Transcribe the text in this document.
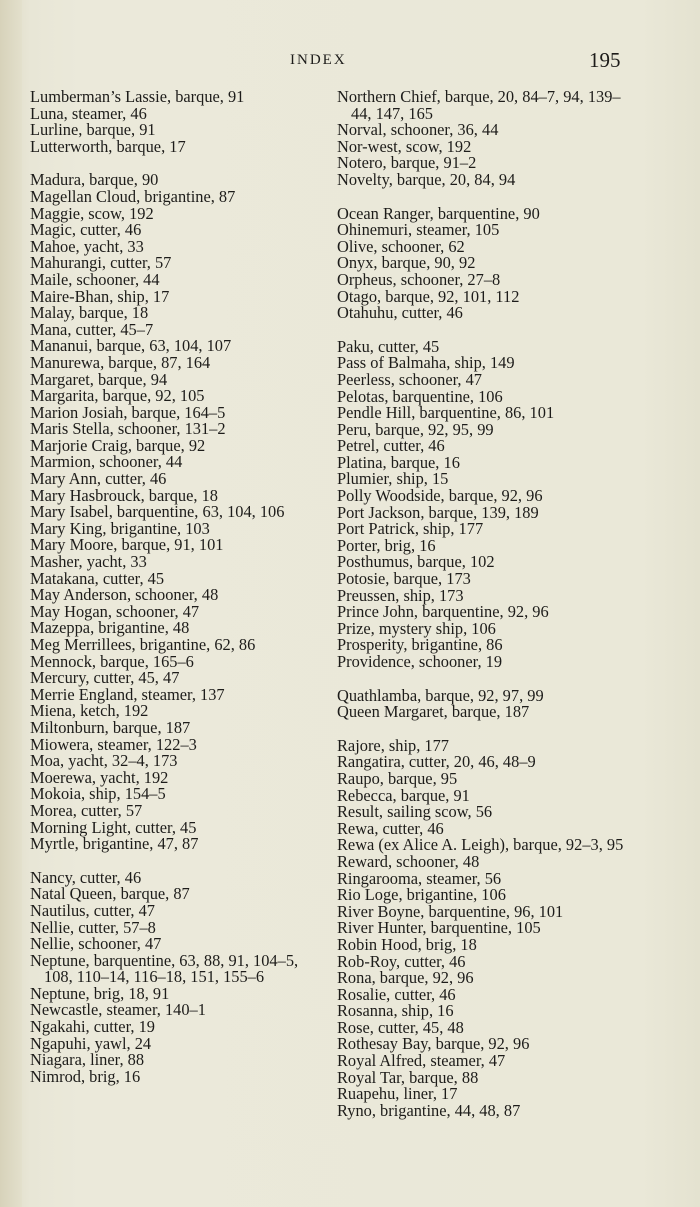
INDEX	195
Lumberman’s Lassie, barque, 91
Luna, steamer, 46
Lurline, barque, 91
Lutterworth, barque, 17
Madura, barque, 90
Magellan Cloud, brigantine, 87
Maggie, scow, 192
Magic, cutter, 46
Mahoe, yacht, 33
Mahurangi, cutter, 57
Maile, schooner, 44
Maire-Bhan, ship, 17
Malay, barque, 18
Mana, cutter, 45–7
Mananui, barque, 63, 104, 107
Manurewa, barque, 87, 164
Margaret, barque, 94
Margarita, barque, 92, 105
Marion Josiah, barque, 164–5
Maris Stella, schooner, 131–2
Marjorie Craig, barque, 92
Marmion, schooner, 44
Mary Ann, cutter, 46
Mary Hasbrouck, barque, 18
Mary Isabel, barquentine, 63, 104, 106
Mary King, brigantine, 103
Mary Moore, barque, 91, 101
Masher, yacht, 33
Matakana, cutter, 45
May Anderson, schooner, 48
May Hogan, schooner, 47
Mazeppa, brigantine, 48
Meg Merrillees, brigantine, 62, 86
Mennock, barque, 165–6
Mercury, cutter, 45, 47
Merrie England, steamer, 137
Miena, ketch, 192
Miltonburn, barque, 187
Miowera, steamer, 122–3
Moa, yacht, 32–4, 173
Moerewa, yacht, 192
Mokoia, ship, 154–5
Morea, cutter, 57
Morning Light, cutter, 45
Myrtle, brigantine, 47, 87
Nancy, cutter, 46
Natal Queen, barque, 87
Nautilus, cutter, 47
Nellie, cutter, 57–8
Nellie, schooner, 47
Neptune, barquentine, 63, 88, 91, 104–5, 108, 110–14, 116–18, 151, 155–6
Neptune, brig, 18, 91
Newcastle, steamer, 140–1
Ngakahi, cutter, 19
Ngapuhi, yawl, 24
Niagara, liner, 88
Nimrod, brig, 16
Northern Chief, barque, 20, 84–7, 94, 139–44, 147, 165
Norval, schooner, 36, 44
Nor-west, scow, 192
Notero, barque, 91–2
Novelty, barque, 20, 84, 94
Ocean Ranger, barquentine, 90
Ohinemuri, steamer, 105
Olive, schooner, 62
Onyx, barque, 90, 92
Orpheus, schooner, 27–8
Otago, barque, 92, 101, 112
Otahuhu, cutter, 46
Paku, cutter, 45
Pass of Balmaha, ship, 149
Peerless, schooner, 47
Pelotas, barquentine, 106
Pendle Hill, barquentine, 86, 101
Peru, barque, 92, 95, 99
Petrel, cutter, 46
Platina, barque, 16
Plumier, ship, 15
Polly Woodside, barque, 92, 96
Port Jackson, barque, 139, 189
Port Patrick, ship, 177
Porter, brig, 16
Posthumus, barque, 102
Potosie, barque, 173
Preussen, ship, 173
Prince John, barquentine, 92, 96
Prize, mystery ship, 106
Prosperity, brigantine, 86
Providence, schooner, 19
Quathlamba, barque, 92, 97, 99
Queen Margaret, barque, 187
Rajore, ship, 177
Rangatira, cutter, 20, 46, 48–9
Raupo, barque, 95
Rebecca, barque, 91
Result, sailing scow, 56
Rewa, cutter, 46
Rewa (ex Alice A. Leigh), barque, 92–3, 95
Reward, schooner, 48
Ringarooma, steamer, 56
Rio Loge, brigantine, 106
River Boyne, barquentine, 96, 101
River Hunter, barquentine, 105
Robin Hood, brig, 18
Rob-Roy, cutter, 46
Rona, barque, 92, 96
Rosalie, cutter, 46
Rosanna, ship, 16
Rose, cutter, 45, 48
Rothesay Bay, barque, 92, 96
Royal Alfred, steamer, 47
Royal Tar, barque, 88
Ruapehu, liner, 17
Ryno, brigantine, 44, 48, 87
